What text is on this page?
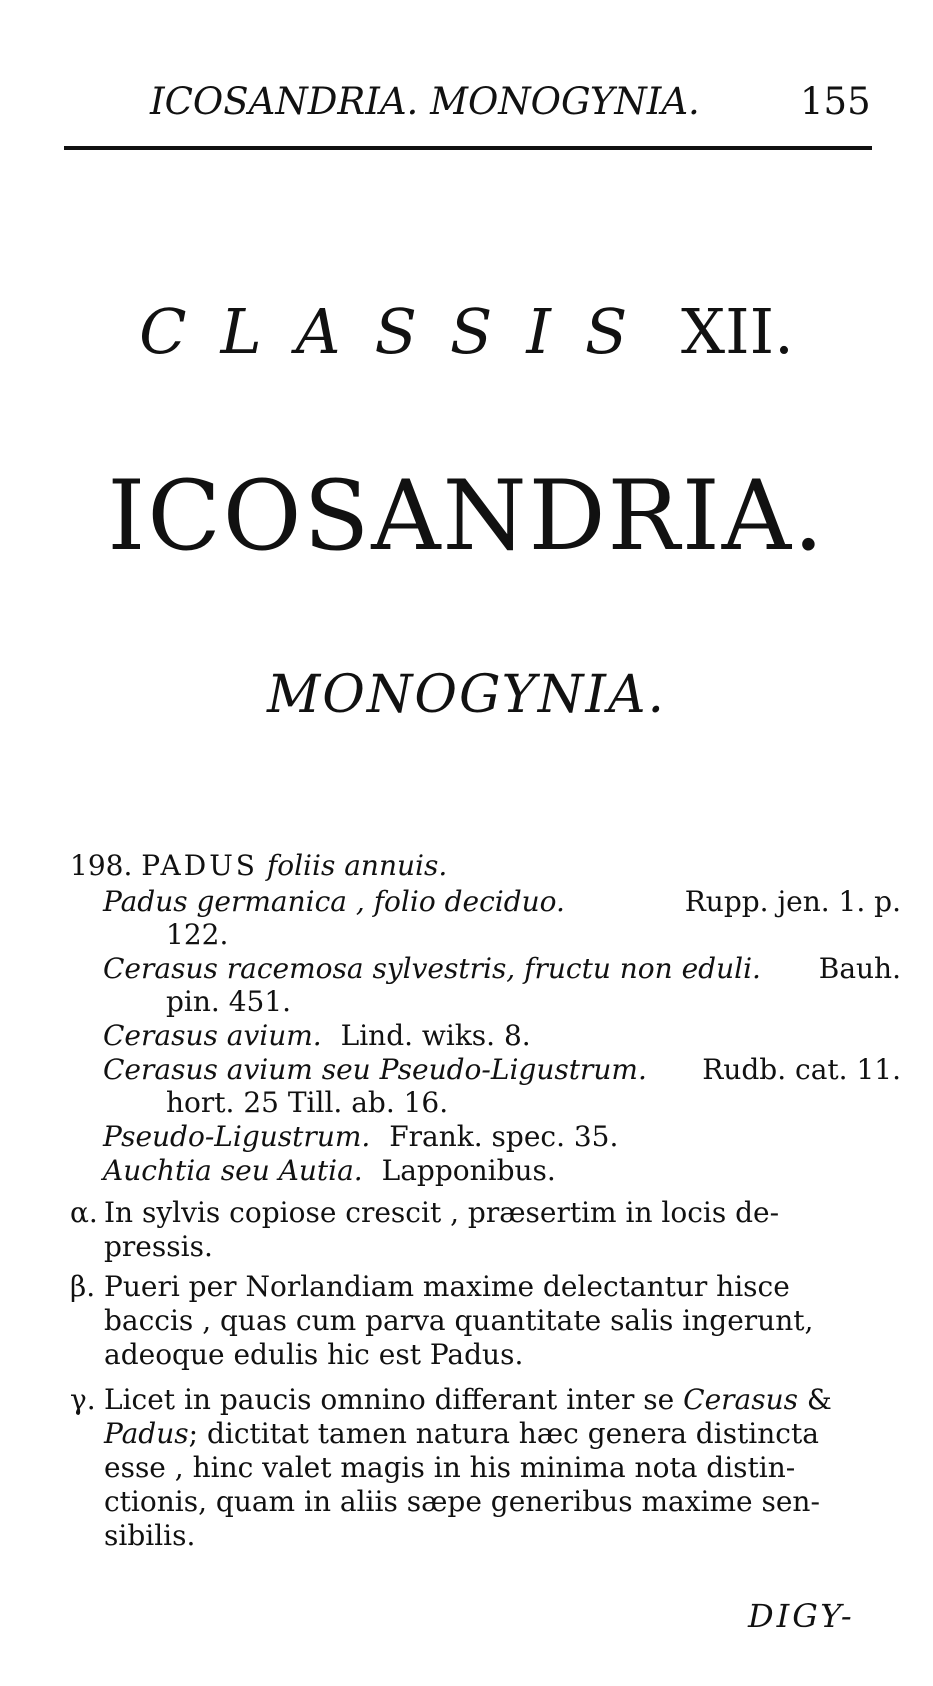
ICOSANDRIA. MONOGYNIA.	155
CLASSIS XII.
ICOSANDRIA.
MONOGYNIA.
198. PADUS foliis annuis.
Padus germanica , folio deciduo.	Rupp. jen. 1. p.
122.
Cerasus racemosa sylvestris, fructu non eduli. Bauh.
pin. 451.
Cerasus avium. Lind. wiks. 8.
Cerasus avium seu Pseudo-Ligustrum. Rudb. cat. 11.
hort. 25 Till. ab. 16.
Pseudo-Ligustrum. Frank. spec. 35.
Auchtia seu Autia. Lapponibus.
α. In sylvis copiose crescit , præsertim in locis de-
pressis.
β. Pueri per Norlandiam maxime delectantur hisce
baccis , quas cum parva quantitate salis ingerunt,
adeoque edulis hic est Padus.
γ. Licet in paucis omnino differant inter se Cerasus &
Padus; dictitat tamen natura hæc genera distincta
esse , hinc valet magis in his minima nota distin-
ctionis, quam in aliis sæpe generibus maxime sen-
sibilis.
DIGY-
